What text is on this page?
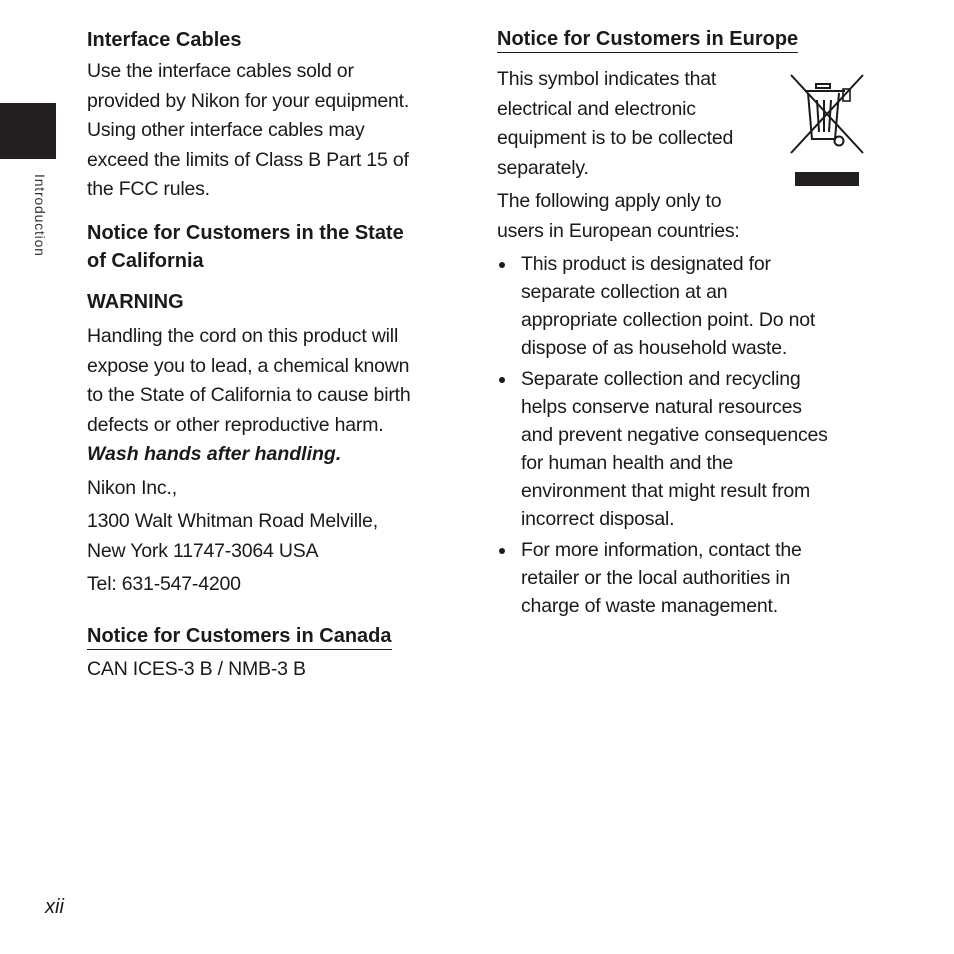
Introduction
Interface Cables

Use the interface cables sold or
provided by Nikon for your equipment.
Using other interface cables may
exceed the limits of Class B Part 15 of
the FCC rules.

Notice for Customers in the State
of California
WARNING

Handling the cord on this product will
expose you to lead, a chemical known
to the State of California to cause birth
defects or other reproductive harm.

Wash hands after handling.

Nikon Inc.,

1300 Walt Whitman Road Melville,
New York 11747-3064 USA

Tel: 631-547-4200

Notice for Customers in Canada

CAN ICES-3 B / NMB-3 B

Notice for Customers in Europe

This symbol indicates that
electrical and electronic
equipment is to be collected
separately.

The following apply only to
users in European countries:

This product is designated for
separate collection at an
appropriate collection point. Do not
dispose of as household waste.
Separate collection and recycling
helps conserve natural resources
and prevent negative consequences
for human health and the
environment that might result from
incorrect disposal.
For more information, contact the
retailer or the local authorities in
charge of waste management.
xii
